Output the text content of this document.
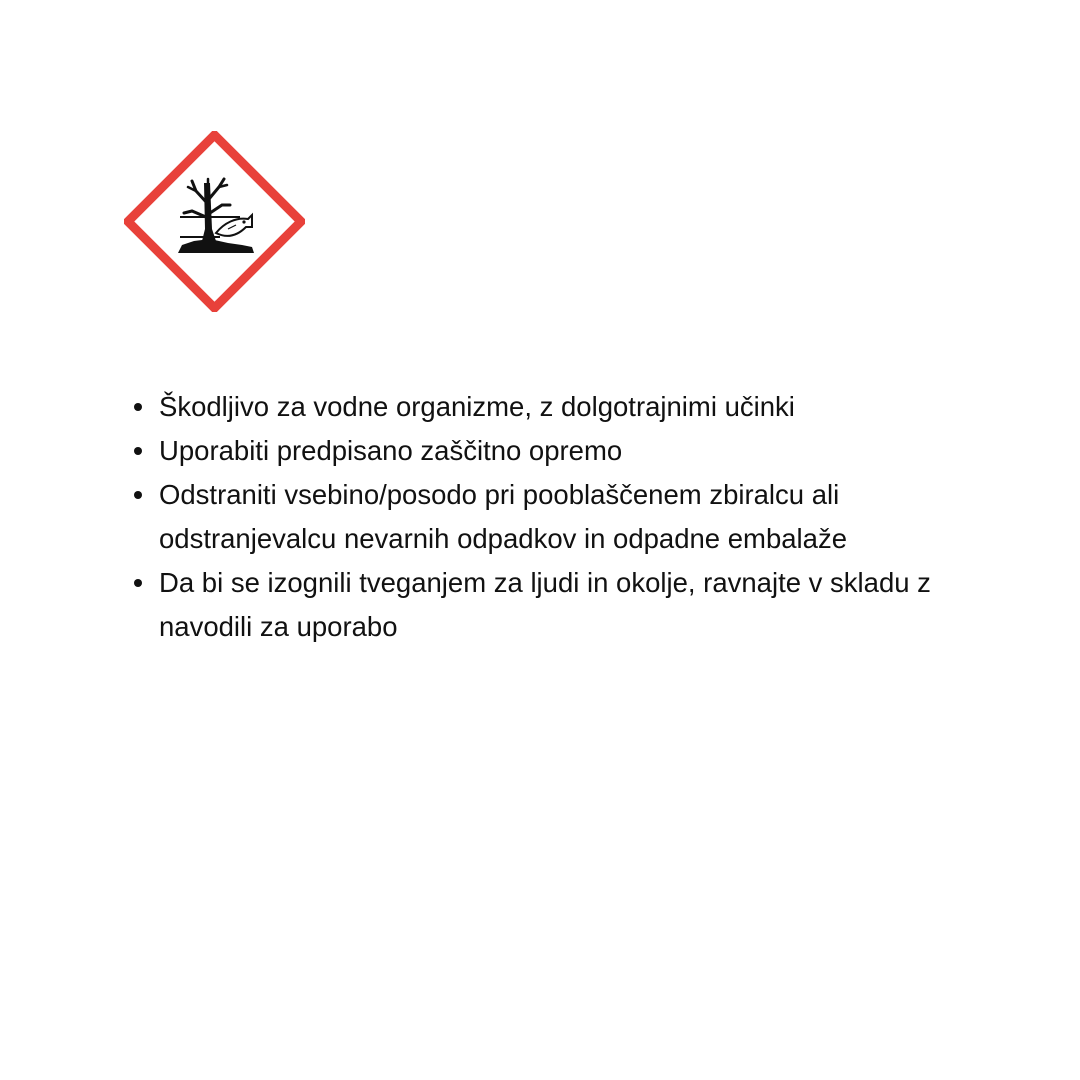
Škodljivo za vodne organizme, z dolgotrajnimi učinki
Uporabiti predpisano zaščitno opremo
Odstraniti vsebino/posodo pri pooblaščenem zbiralcu ali odstranjevalcu nevarnih odpadkov in odpadne embalaže
Da bi se izognili tveganjem za ljudi in okolje, ravnajte v skladu z navodili za uporabo
